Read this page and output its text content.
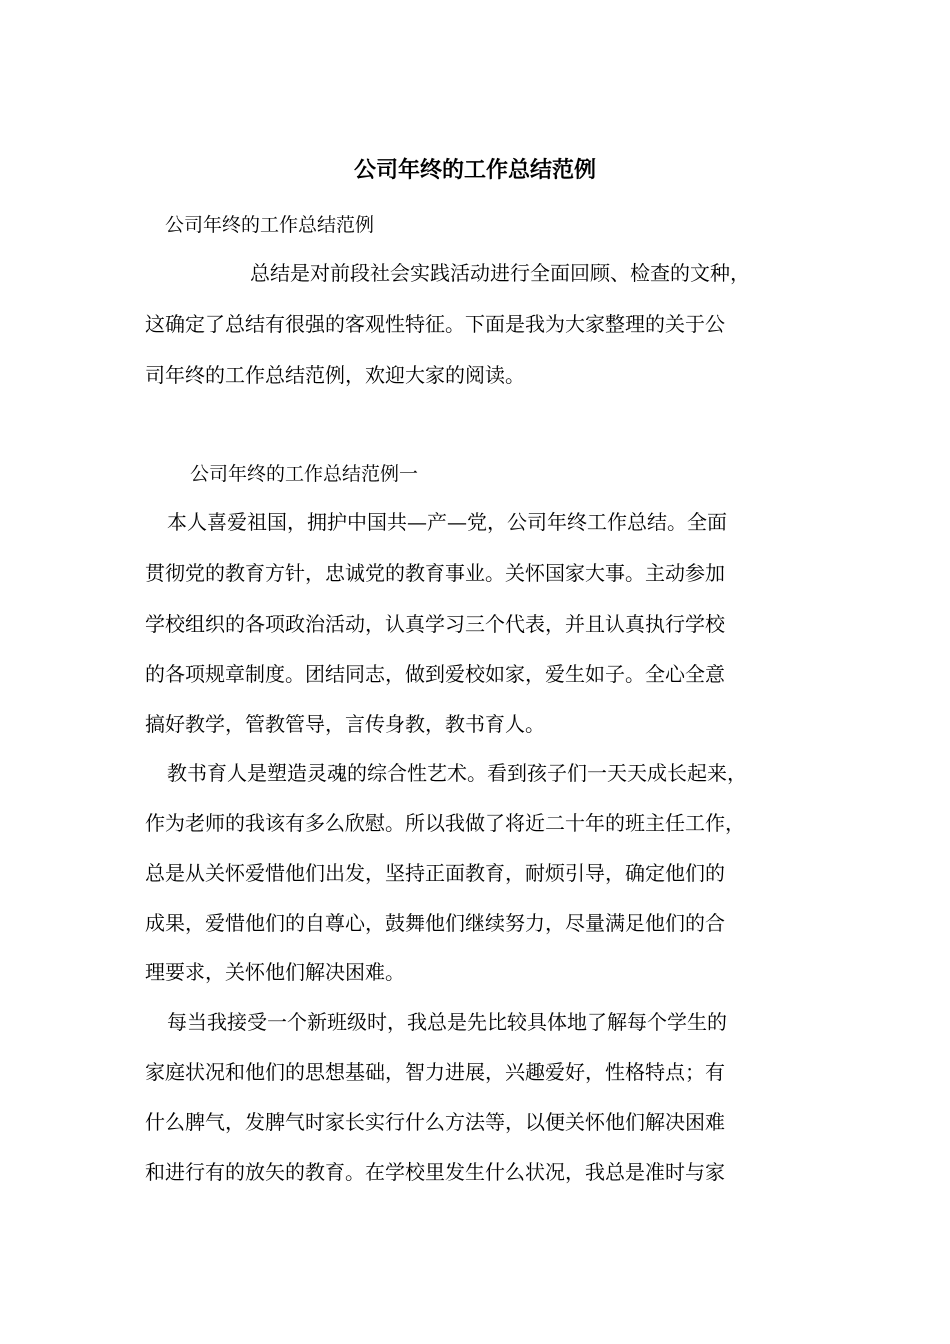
公司年终的工作总结范例
公司年终的工作总结范例
总结是对前段社会实践活动进行全面回顾、检查的文种，
这确定了总结有很强的客观性特征。下面是我为大家整理的关于公
司年终的工作总结范例，欢迎大家的阅读。
公司年终的工作总结范例一
本人喜爱祖国，拥护中国共—产—党，公司年终工作总结。全面
贯彻党的教育方针，忠诚党的教育事业。关怀国家大事。主动参加
学校组织的各项政治活动，认真学习三个代表，并且认真执行学校
的各项规章制度。团结同志，做到爱校如家，爱生如子。全心全意
搞好教学，管教管导，言传身教，教书育人。
教书育人是塑造灵魂的综合性艺术。看到孩子们一天天成长起来，
作为老师的我该有多么欣慰。所以我做了将近二十年的班主任工作，
总是从关怀爱惜他们出发，坚持正面教育，耐烦引导，确定他们的
成果，爱惜他们的自尊心，鼓舞他们继续努力，尽量满足他们的合
理要求，关怀他们解决困难。
每当我接受一个新班级时，我总是先比较具体地了解每个学生的
家庭状况和他们的思想基础，智力进展，兴趣爱好，性格特点；有
什么脾气，发脾气时家长实行什么方法等，以便关怀他们解决困难
和进行有的放矢的教育。在学校里发生什么状况，我总是准时与家
